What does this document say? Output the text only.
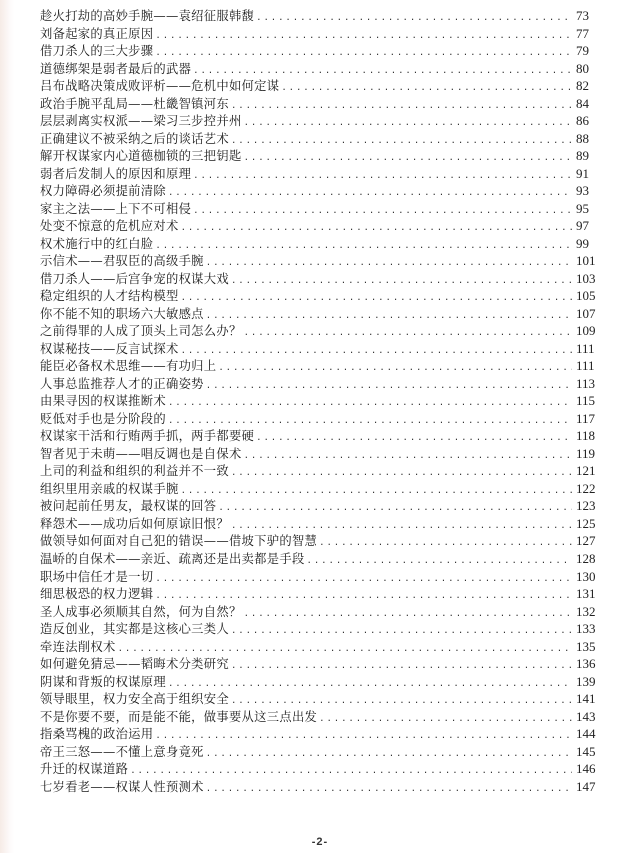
趁火打劫的高妙手腕——袁绍征服韩馥 .....	73
刘备起家的真正原因 .....	77
借刀杀人的三大步骤 .....	79
道德绑架是弱者最后的武器 .....	80
吕布战略决策成败评析——危机中如何定谋 .....	82
政治手腕平乱局——杜畿智镇河东 .....	84
层层剥离实权派——梁习三步控并州 .....	86
正确建议不被采纳之后的谈话艺术 .....	88
解开权谋家内心道德枷锁的三把钥匙 .....	89
弱者后发制人的原因和原理 .....	91
权力障碍必须提前清除 .....	93
家主之法——上下不可相侵 .....	95
处变不惊意的危机应对术 .....	97
权术施行中的红白脸 .....	99
示信术——君驭臣的高级手腕 .....	101
借刀杀人——后宫争宠的权谋大戏 .....	103
稳定组织的人才结构模型 .....	105
你不能不知的职场六大敏感点 .....	107
之前得罪的人成了顶头上司怎么办？ .....	109
权谋秘技——反言试探术 .....	111
能臣必备权术思维——有功归上 .....	111
人事总监推荐人才的正确姿势 .....	113
由果寻因的权谋推断术 .....	115
贬低对手也是分阶段的 .....	117
权谋家干活和行贿两手抓，两手都要硬 .....	118
智者见于未萌——唱反调也是自保术 .....	119
上司的利益和组织的利益并不一致 .....	121
组织里用亲戚的权谋手腕 .....	122
被问起前任男友，最权谋的回答 .....	123
释怨术——成功后如何原谅旧恨？ .....	125
做领导如何面对自己犯的错误——借坡下驴的智慧 .....	127
温峤的自保术——亲近、疏离还是出卖都是手段 .....	128
职场中信任才是一切 .....	130
细思极恐的权力逻辑 .....	131
圣人成事必须顺其自然，何为自然？ .....	132
造反创业，其实都是这核心三类人 .....	133
牵连法削权术 .....	135
如何避免猜忌——韬晦术分类研究 .....	136
阴谋和背叛的权谋原理 .....	139
领导眼里，权力安全高于组织安全 .....	141
不是你要不要，而是能不能，做事要从这三点出发 .....	143
指桑骂槐的政治运用 .....	144
帝王三怒——不懂上意身竟死 .....	145
升迁的权谋道路 .....	146
七岁看老——权谋人性预测术 .....	147
-2-
